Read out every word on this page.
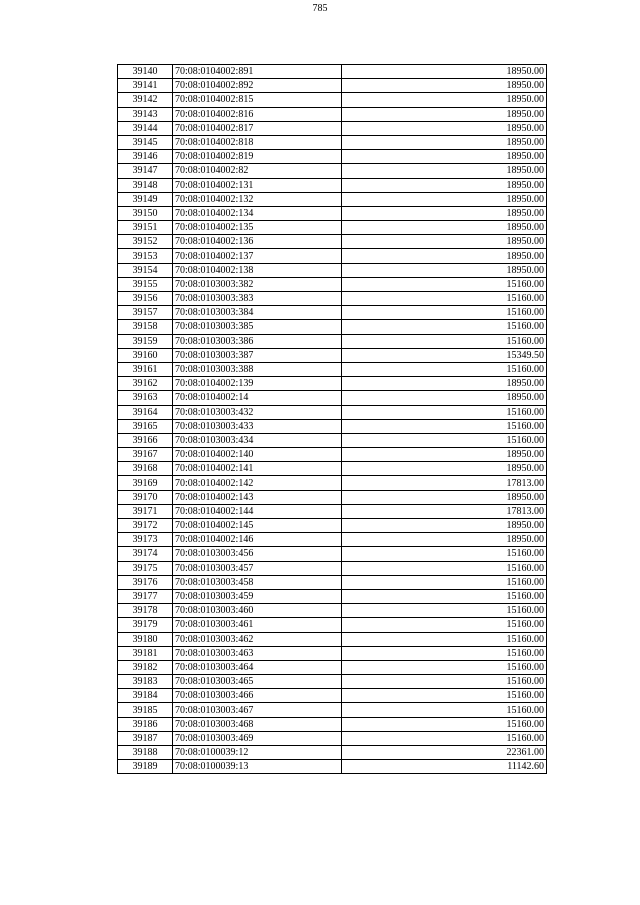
785
39140	70:08:0104002:891	18950.00
39141	70:08:0104002:892	18950.00
39142	70:08:0104002:815	18950.00
39143	70:08:0104002:816	18950.00
39144	70:08:0104002:817	18950.00
39145	70:08:0104002:818	18950.00
39146	70:08:0104002:819	18950.00
39147	70:08:0104002:82	18950.00
39148	70:08:0104002:131	18950.00
39149	70:08:0104002:132	18950.00
39150	70:08:0104002:134	18950.00
39151	70:08:0104002:135	18950.00
39152	70:08:0104002:136	18950.00
39153	70:08:0104002:137	18950.00
39154	70:08:0104002:138	18950.00
39155	70:08:0103003:382	15160.00
39156	70:08:0103003:383	15160.00
39157	70:08:0103003:384	15160.00
39158	70:08:0103003:385	15160.00
39159	70:08:0103003:386	15160.00
39160	70:08:0103003:387	15349.50
39161	70:08:0103003:388	15160.00
39162	70:08:0104002:139	18950.00
39163	70:08:0104002:14	18950.00
39164	70:08:0103003:432	15160.00
39165	70:08:0103003:433	15160.00
39166	70:08:0103003:434	15160.00
39167	70:08:0104002:140	18950.00
39168	70:08:0104002:141	18950.00
39169	70:08:0104002:142	17813.00
39170	70:08:0104002:143	18950.00
39171	70:08:0104002:144	17813.00
39172	70:08:0104002:145	18950.00
39173	70:08:0104002:146	18950.00
39174	70:08:0103003:456	15160.00
39175	70:08:0103003:457	15160.00
39176	70:08:0103003:458	15160.00
39177	70:08:0103003:459	15160.00
39178	70:08:0103003:460	15160.00
39179	70:08:0103003:461	15160.00
39180	70:08:0103003:462	15160.00
39181	70:08:0103003:463	15160.00
39182	70:08:0103003:464	15160.00
39183	70:08:0103003:465	15160.00
39184	70:08:0103003:466	15160.00
39185	70:08:0103003:467	15160.00
39186	70:08:0103003:468	15160.00
39187	70:08:0103003:469	15160.00
39188	70:08:0100039:12	22361.00
39189	70:08:0100039:13	11142.60
